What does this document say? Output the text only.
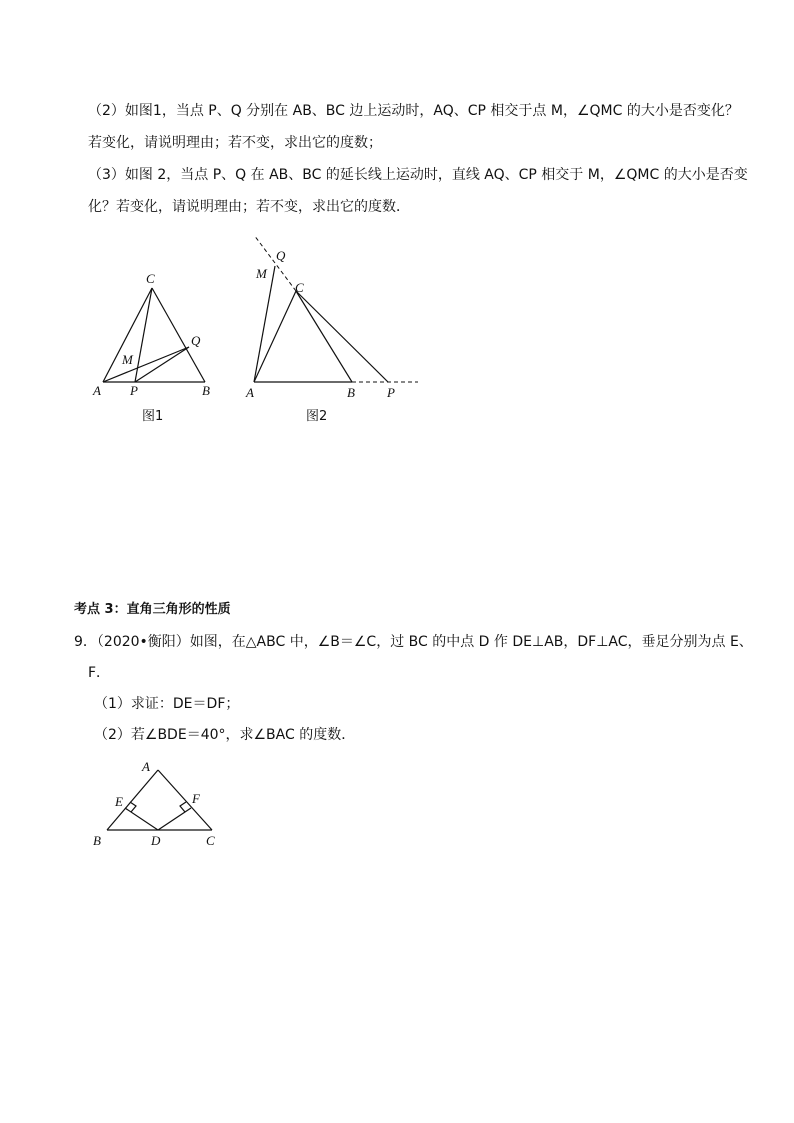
（2）如图1，当点 P、Q 分别在 AB、BC 边上运动时，AQ、CP 相交于点 M，∠QMC 的大小是否变化？
若变化，请说明理由；若不变，求出它的度数；
（3）如图 2，当点 P、Q 在 AB、BC 的延长线上运动时，直线 AQ、CP 相交于 M，∠QMC 的大小是否变
化？若变化，请说明理由；若不变，求出它的度数．
C
Q
M
A P	B
图1
Q
M
C
A	B P
图2
考点 3：直角三角形的性质
9．（2020•衡阳）如图，在△ABC 中，∠B＝∠C，过 BC 的中点 D 作 DE⊥AB，DF⊥AC，垂足分别为点 E、
F．
（1）求证：DE＝DF；
（2）若∠BDE＝40°，求∠BAC 的度数．
A
E	F
B	D	C
